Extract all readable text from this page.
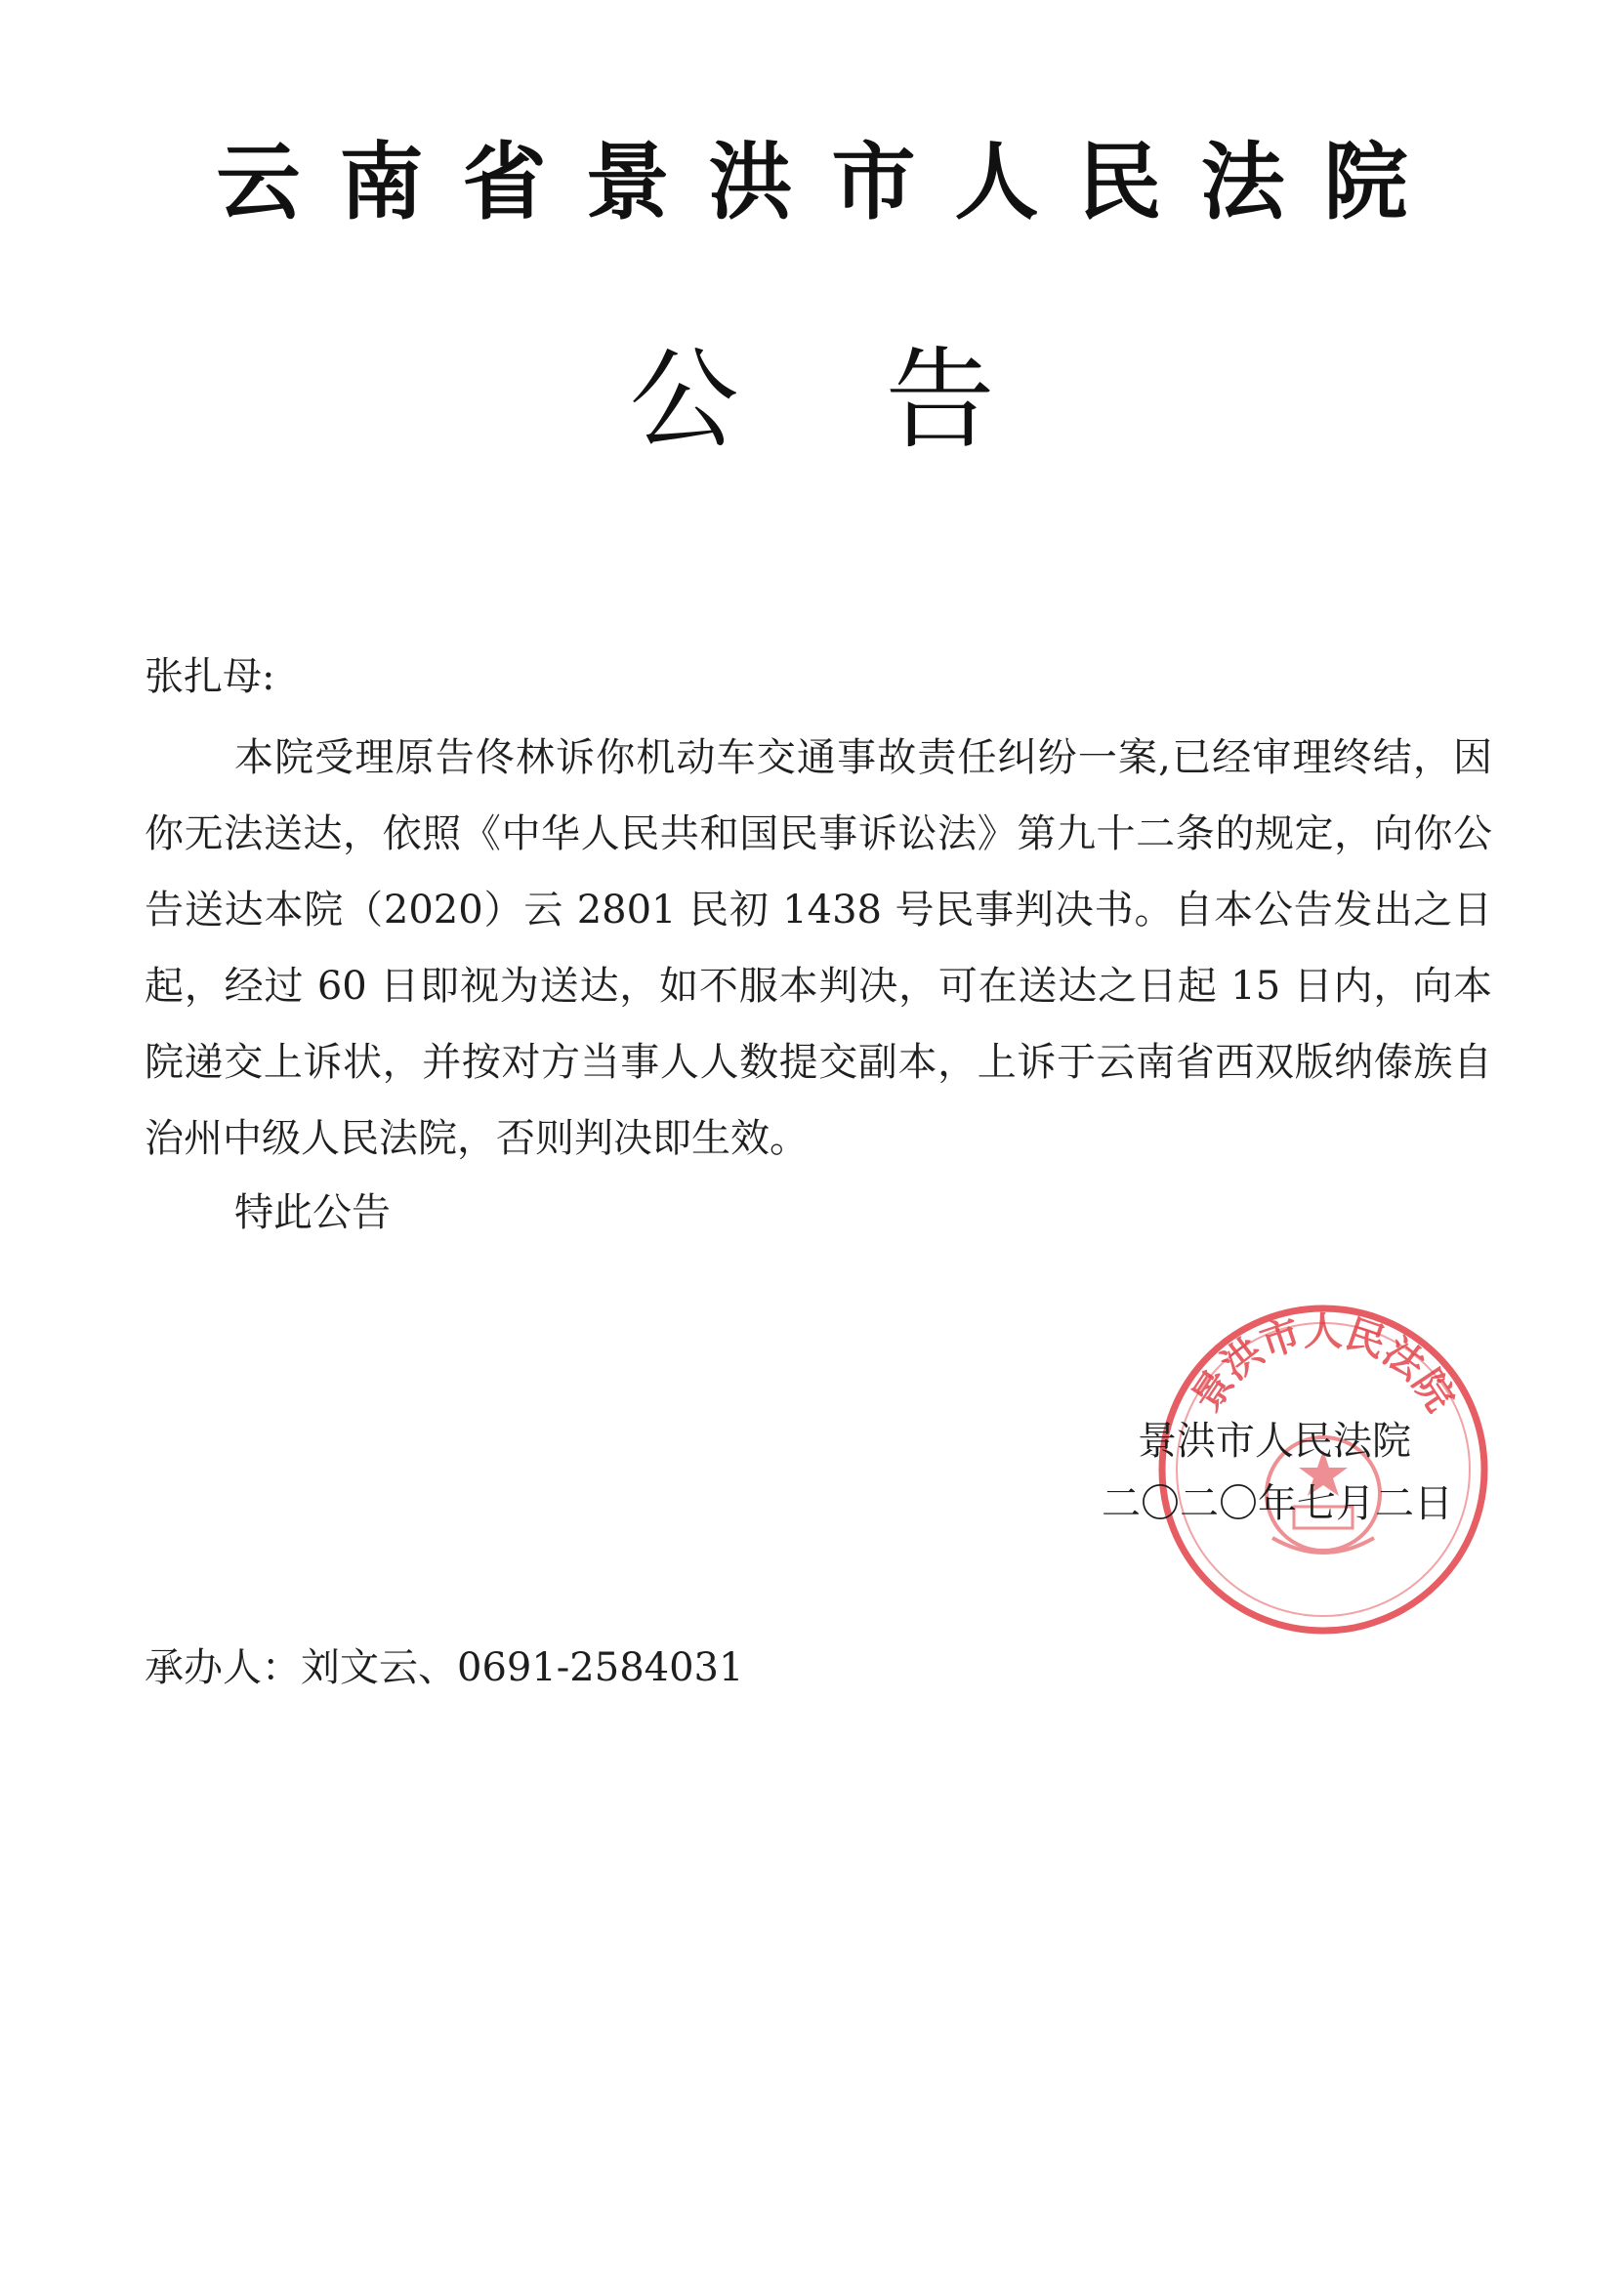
云南省景洪市人民法院
公告
张扎母:

本院受理原告佟林诉你机动车交通事故责任纠纷一案,已经审理终结，因你无法送达，依照《中华人民共和国民事诉讼法》第九十二条的规定，向你公告送达本院（2020）云 2801 民初 1438 号民事判决书。自本公告发出之日起，经过 60 日即视为送达，如不服本判决，可在送达之日起 15 日内，向本院递交上诉状，并按对方当事人人数提交副本，上诉于云南省西双版纳傣族自治州中级人民法院，否则判决即生效。

特此公告
景洪市人民法院
景洪市人民法院
二〇二〇年七月二日
承办人：刘文云、0691-2584031
